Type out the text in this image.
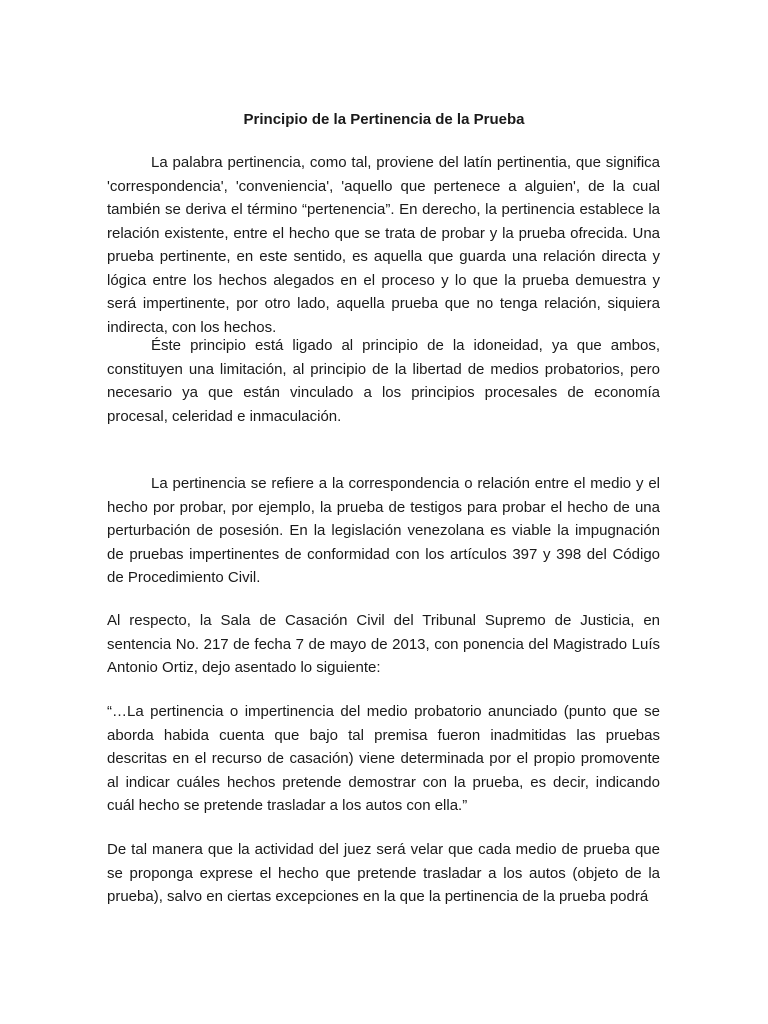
Principio de la Pertinencia de la Prueba

La palabra pertinencia, como tal, proviene del latín pertinentia, que significa 'correspondencia', 'conveniencia', 'aquello que pertenece a alguien', de la cual también se deriva el término “pertenencia”. En derecho, la pertinencia establece la relación existente, entre el hecho que se trata de probar y la prueba ofrecida. Una prueba pertinente, en este sentido, es aquella que guarda una relación directa y lógica entre los hechos alegados en el proceso y lo que la prueba demuestra y será impertinente, por otro lado, aquella prueba que no tenga relación, siquiera indirecta, con los hechos.

Éste principio está ligado al principio de la idoneidad, ya que ambos, constituyen una limitación, al principio de la libertad de medios probatorios, pero necesario ya que están vinculado a los principios procesales de economía procesal, celeridad e inmaculación.

La pertinencia se refiere a la correspondencia o relación entre el medio y el hecho por probar, por ejemplo, la prueba de testigos para probar el hecho de una perturbación de posesión. En la legislación venezolana es viable la impugnación de pruebas impertinentes de conformidad con los artículos 397 y 398 del Código de Procedimiento Civil.

Al respecto, la Sala de Casación Civil del Tribunal Supremo de Justicia, en sentencia No. 217 de fecha 7 de mayo de 2013, con ponencia del Magistrado Luís Antonio Ortiz, dejo asentado lo siguiente:

“…La pertinencia o impertinencia del medio probatorio anunciado (punto que se aborda habida cuenta que bajo tal premisa fueron inadmitidas las pruebas descritas en el recurso de casación) viene determinada por el propio promovente al indicar cuáles hechos pretende demostrar con la prueba, es decir, indicando cuál hecho se pretende trasladar a los autos con ella.”

De tal manera que la actividad del juez será velar que cada medio de prueba que se proponga exprese el hecho que pretende trasladar a los autos (objeto de la prueba), salvo en ciertas excepciones en la que la pertinencia de la prueba podrá
